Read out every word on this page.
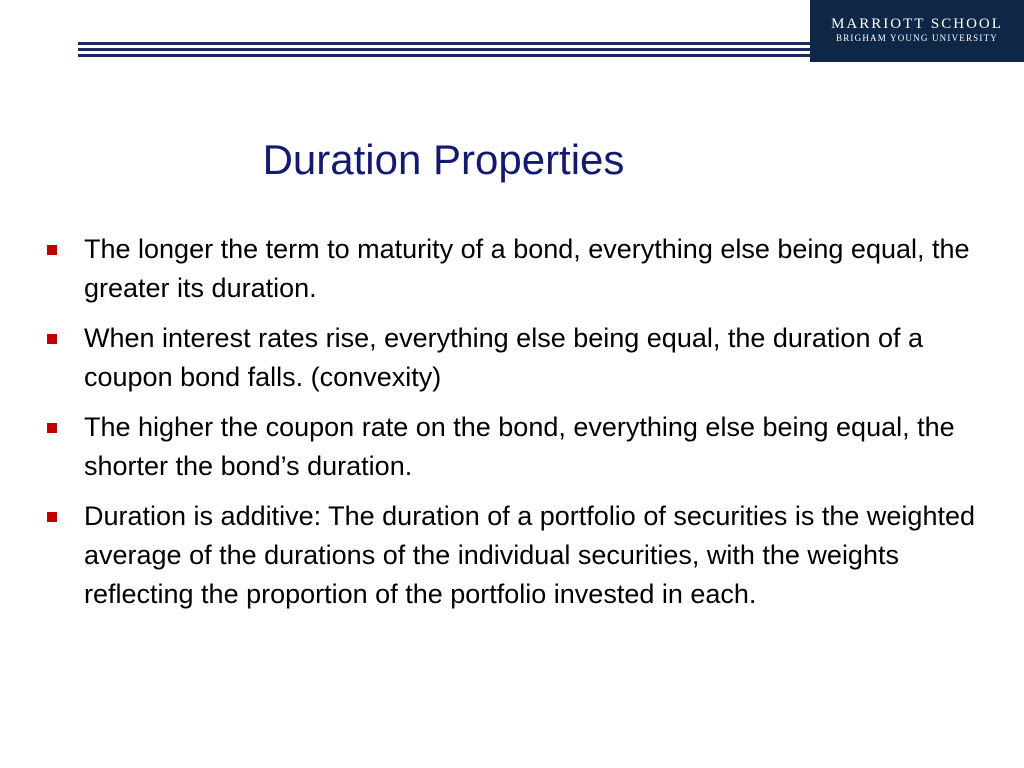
MARRIOTT SCHOOL
BRIGHAM YOUNG UNIVERSITY
Duration Properties
The longer the term to maturity of a bond, everything else being equal, the greater its duration.
When interest rates rise, everything else being equal, the duration of a coupon bond falls. (convexity)
The higher the coupon rate on the bond, everything else being equal, the shorter the bond’s duration.
Duration is additive: The duration of a portfolio of securities is the weighted average of the durations of the individual securities, with the weights reflecting the proportion of the portfolio invested in each.
